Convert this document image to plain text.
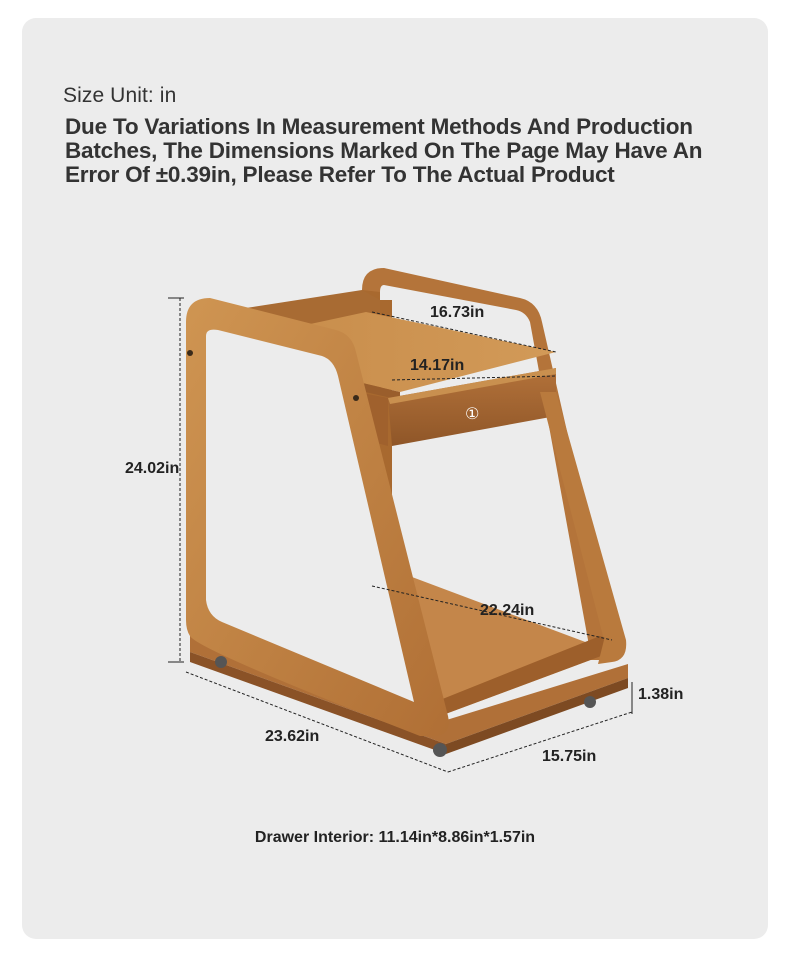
Size Unit: in
Due To Variations In Measurement Methods And Production
Batches, The Dimensions Marked On The Page May Have An
Error Of ±0.39in, Please Refer To The Actual Product
16.73in
14.17in
①
24.02in
22.24in
1.38in
23.62in
15.75in
Drawer Interior: 11.14in*8.86in*1.57in
